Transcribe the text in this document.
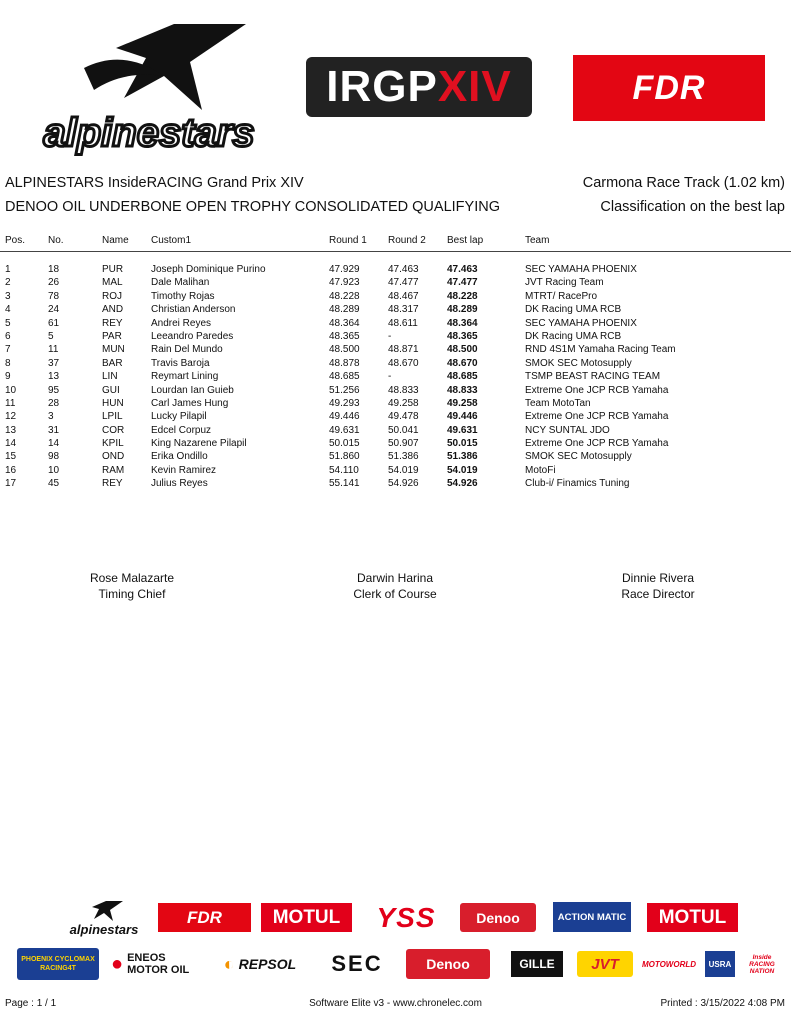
alpinestars
IRGP XIV	FDR
ALPINESTARS InsideRACING Grand Prix XIV
DENOO OIL UNDERBONE OPEN TROPHY CONSOLIDATED QUALIFYING
Carmona Race Track (1.02 km)
Classification on the best lap
Pos. No.	Name Custom1	Round 1 Round 2 Best lap	Team
1	18	PUR	Joseph Dominique Purino	47.929	47.463	47.463	SEC YAMAHA PHOENIX
2	26	MAL	Dale Malihan	47.923	47.477	47.477	JVT Racing Team
3	78	ROJ	Timothy Rojas	48.228	48.467	48.228	MTRT/ RacePro
4	24	AND	Christian Anderson	48.289	48.317	48.289	DK Racing UMA RCB
5	61	REY	Andrei Reyes	48.364	48.611	48.364	SEC YAMAHA PHOENIX
6	5	PAR	Leeandro Paredes	48.365	-	48.365	DK Racing UMA RCB
7	11	MUN	Rain Del Mundo	48.500	48.871	48.500	RND 4S1M Yamaha Racing Team
8	37	BAR	Travis Baroja	48.878	48.670	48.670	SMOK SEC Motosupply
9	13	LIN	Reymart Lining	48.685	-	48.685	TSMP BEAST RACING TEAM
10	95	GUI	Lourdan Ian Guieb	51.256	48.833	48.833	Extreme One JCP RCB Yamaha
11	28	HUN	Carl James Hung	49.293	49.258	49.258	Team MotoTan
12	3	LPIL	Lucky Pilapil	49.446	49.478	49.446	Extreme One JCP RCB Yamaha
13	31	COR	Edcel Corpuz	49.631	50.041	49.631	NCY SUNTAL JDO
14	14	KPIL	King Nazarene Pilapil	50.015	50.907	50.015	Extreme One JCP RCB Yamaha
15	98	OND	Erika Ondillo	51.860	51.386	51.386	SMOK SEC Motosupply
16	10	RAM	Kevin Ramirez	54.110	54.019	54.019	MotoFi
17	45	REY	Julius Reyes	55.141	54.926	54.926	Club-i/ Finamics Tuning
Rose Malazarte
Timing Chief
Darwin Harina
Clerk of Course
Dinnie Rivera
Race Director
alpinestars
FDR	MOTUL YSS	Denoo	ACTION MATIC MOTUL
PHOENIX CYCLOMAX RACING4T	● ENEOS MOTOR OIL	◐ REPSOL SEC	Denoo	GILLE JVT	MOTOWORLD USRA
Inside RACING NATION
Page : 1 / 1	Software Elite v3 - www.chronelec.com	Printed : 3/15/2022 4:08 PM
